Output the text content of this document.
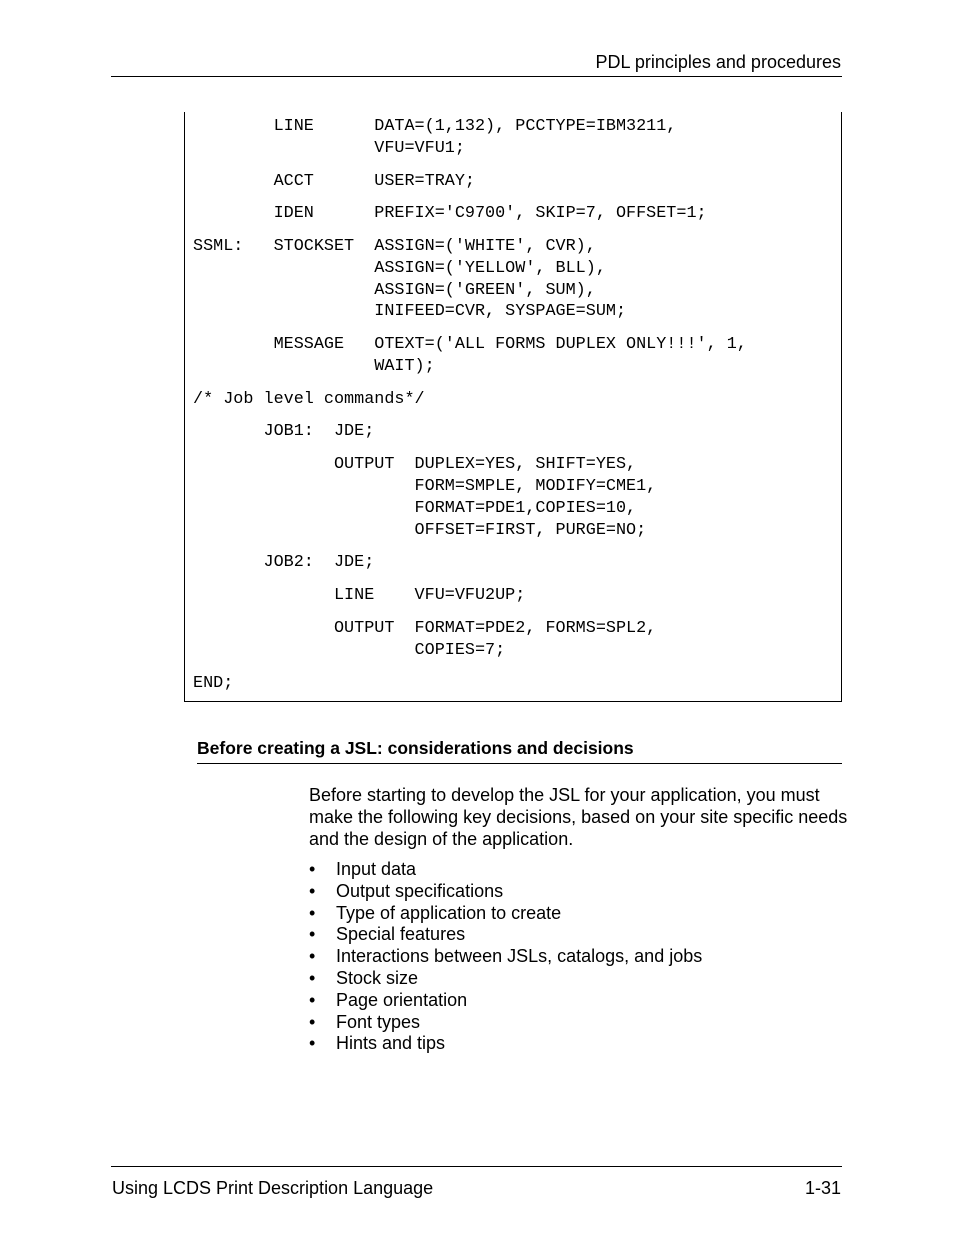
PDL principles and procedures
LINE      DATA=(1,132), PCCTYPE=IBM3211,
VFU=VFU1;
ACCT      USER=TRAY;
IDEN      PREFIX='C9700', SKIP=7, OFFSET=1;
SSML:   STOCKSET  ASSIGN=('WHITE', CVR),
ASSIGN=('YELLOW', BLL),
ASSIGN=('GREEN', SUM),
INIFEED=CVR, SYSPAGE=SUM;
MESSAGE   OTEXT=('ALL FORMS DUPLEX ONLY!!!', 1,
WAIT);
/* Job level commands*/
JOB1:  JDE;
OUTPUT  DUPLEX=YES, SHIFT=YES,
FORM=SMPLE, MODIFY=CME1,
FORMAT=PDE1,COPIES=10,
OFFSET=FIRST, PURGE=NO;
JOB2:  JDE;
LINE    VFU=VFU2UP;
OUTPUT  FORMAT=PDE2, FORMS=SPL2,
COPIES=7;
END;
Before creating a JSL: considerations and decisions

Before starting to develop the JSL for your application, you must make the following key decisions, based on your site specific needs and the design of the application.

• Input data
• Output specifications
• Type of application to create
• Special features
• Interactions between JSLs, catalogs, and jobs
• Stock size
• Page orientation
• Font types
• Hints and tips
Using LCDS Print Description Language	1-31
